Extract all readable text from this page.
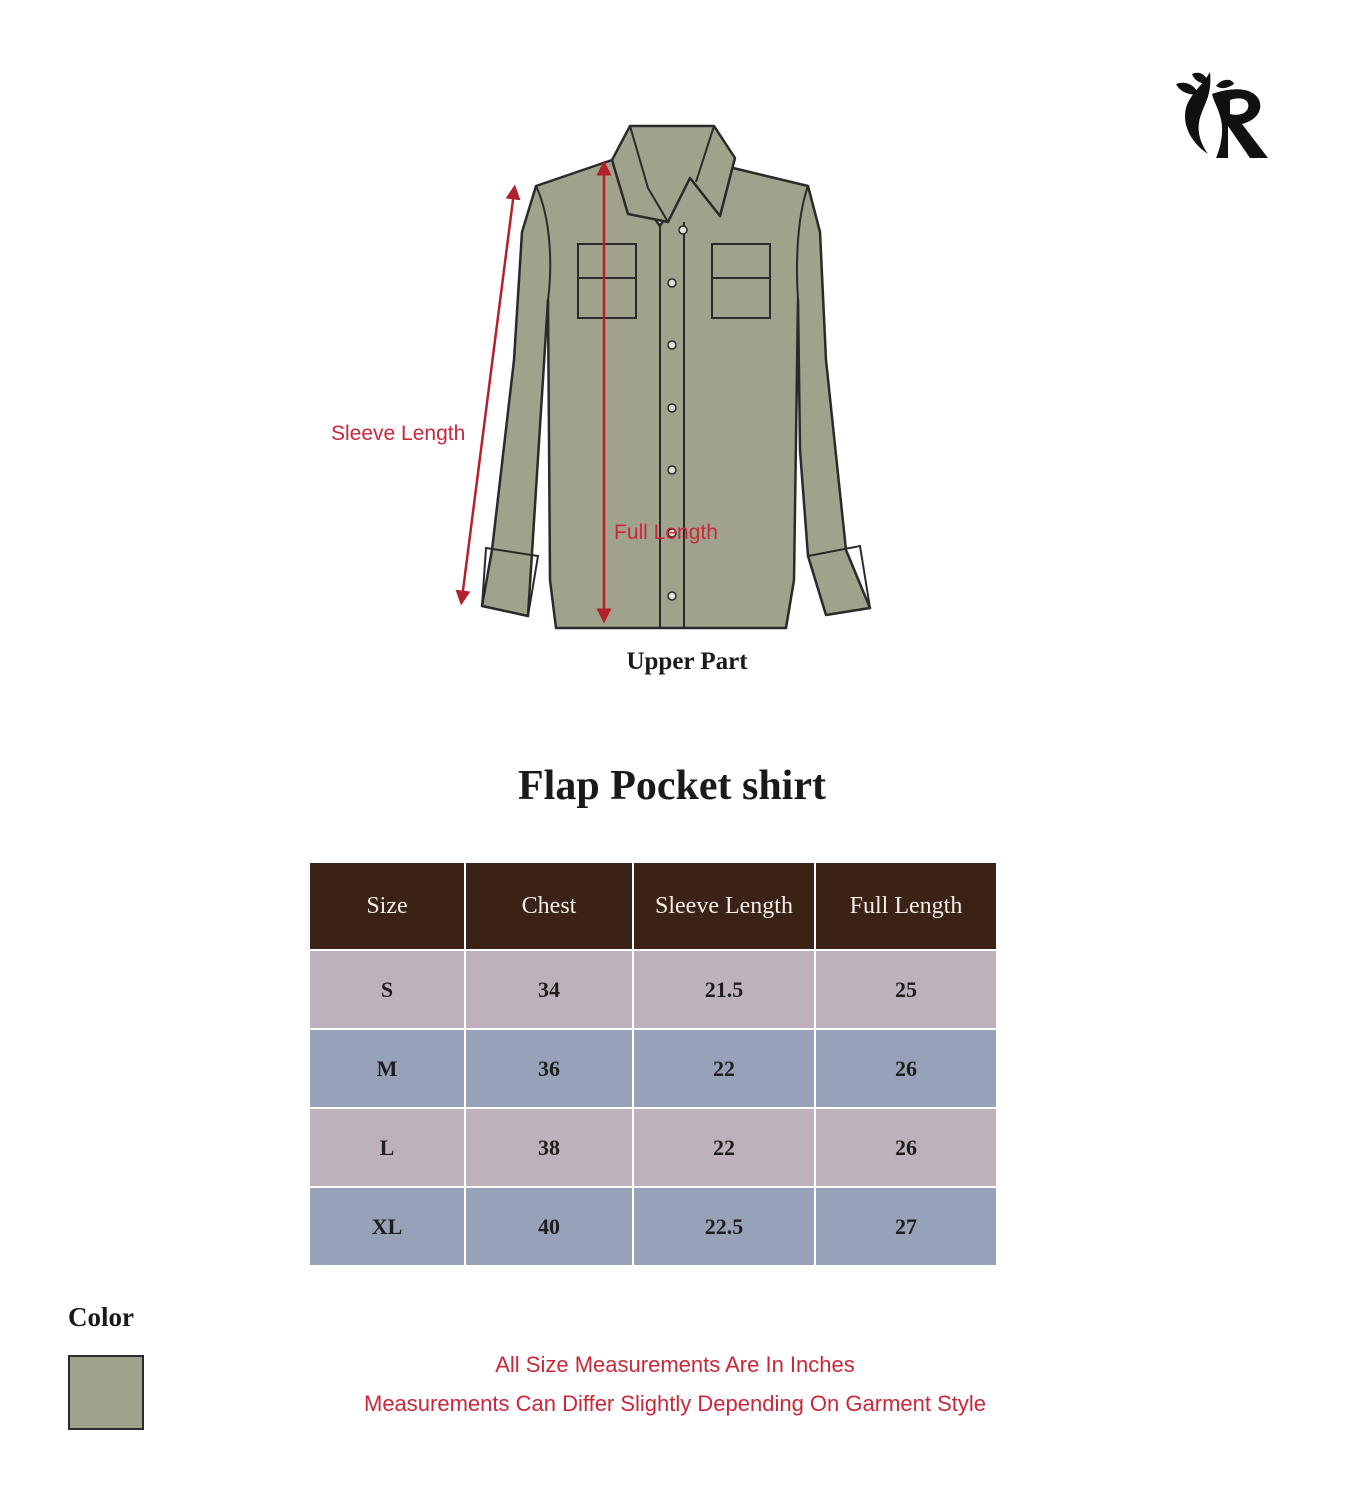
Sleeve Length
Full Length
Upper Part
Flap Pocket shirt
Size	Chest	Sleeve Length	Full Length
S	34	21.5	25
M	36	22	26
L	38	22	26
XL	40	22.5	27
Color
All Size Measurements Are In Inches
Measurements Can Differ Slightly Depending On Garment Style
